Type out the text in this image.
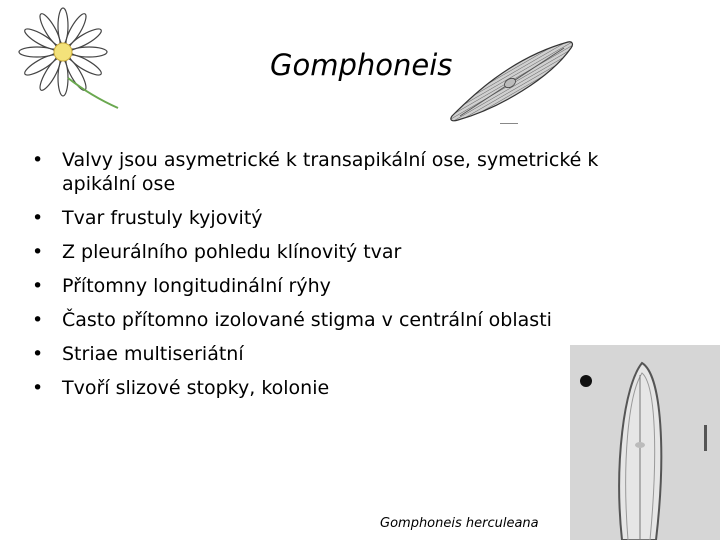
Gomphoneis
• Valvy jsou asymetrické k transapikální ose, symetrické k apikální ose
• Tvar frustuly kyjovitý
• Z pleurálního pohledu klínovitý tvar
• Přítomny longitudinální rýhy
• Často přítomno izolované stigma v centrální oblasti
• Striae multiseriátní
• Tvoří slizové stopky, kolonie
Gomphoneis herculeana
